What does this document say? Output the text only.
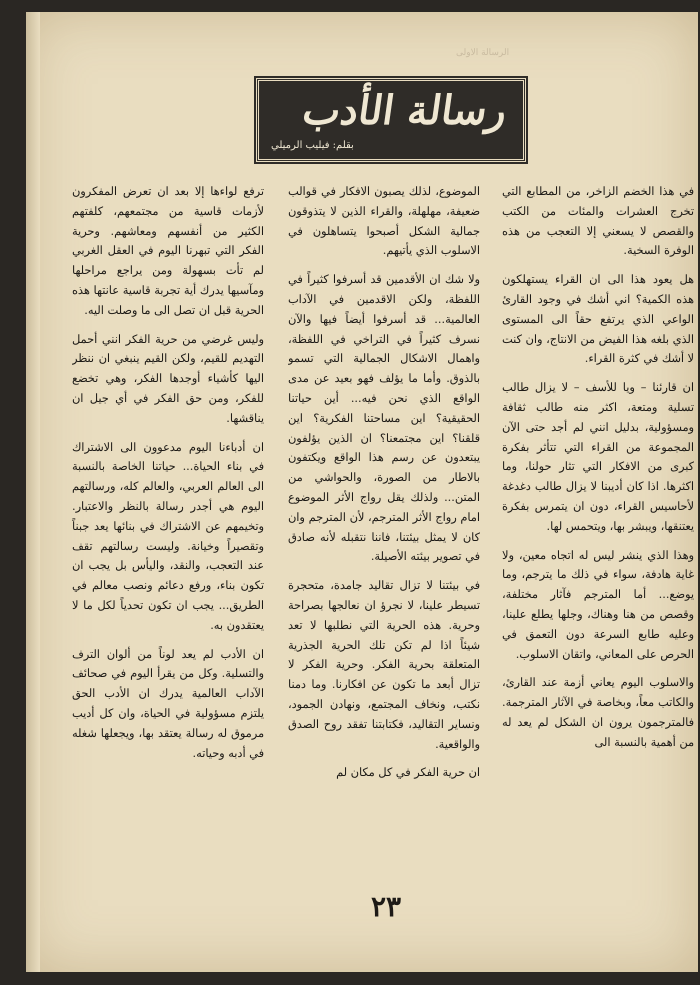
الرسالة الاولى
رسالة الأدب
بقلم: فيليب الرميلي

في هذا الخضم الزاخر، من المطابع التي تخرج العشرات والمئات من الكتب والقصص لا يسعني إلا التعجب من هذه الوفرة السخية.

هل يعود هذا الى ان القراء يستهلكون هذه الكمية؟ اني أشك في وجود القارئ الواعي الذي يرتفع حقاً الى المستوى الذي بلغه هذا الفيض من الانتاج، وان كنت لا أشك في كثرة القراء.

ان قارئنا – ويا للأسف – لا يزال طالب تسلية ومتعة، اكثر منه طالب ثقافة ومسؤولية، بدليل انني لم أجد حتى الآن المجموعة من القراء التي تتأثر بفكرة كبرى من الافكار التي تثار حولنا، وما اكثرها. اذا كان أديبنا لا يزال طالب دغدغة لأحاسيس القراء، دون ان يتمرس بفكرة يعتنقها، ويبشر بها، ويتحمس لها.

وهذا الذي ينشر ليس له اتجاه معين، ولا غاية هادفة، سواء في ذلك ما يترجم، وما يوضع... أما المترجم فآثار مختلفة، وقصص من هنا وهناك، وجلها يطلع علينا، وعليه طابع السرعة دون التعمق في الحرص على المعاني، واتقان الاسلوب.

والاسلوب اليوم يعاني أزمة عند القارئ، والكاتب معاً، وبخاصة في الآثار المترجمة. فالمترجمون يرون ان الشكل لم يعد له من أهمية بالنسبة الى

الموضوع، لذلك يصبون الافكار في قوالب ضعيفة، مهلهلة، والقراء الذين لا يتذوقون جمالية الشكل أصبحوا يتساهلون في الاسلوب الذي يأتيهم.

ولا شك ان الأقدمين قد أسرفوا كثيراً في اللفظة، ولكن الاقدمين في الآداب العالمية... قد أسرفوا أيضاً فيها والآن نسرف كثيراً في التراخي في اللفظة، واهمال الاشكال الجمالية التي تسمو بالذوق. وأما ما يؤلف فهو بعيد عن مدى الواقع الذي نحن فيه... أين حياتنا الحقيقية؟ اين مساحتنا الفكرية؟ اين قلقنا؟ اين مجتمعنا؟ ان الذين يؤلفون يبتعدون عن رسم هذا الواقع ويكتفون بالاطار من الصورة، والحواشي من المتن... ولذلك يقل رواج الأثر الموضوع امام رواج الأثر المترجم، لأن المترجم وان كان لا يمثل بيئتنا، فاننا نتقبله لأنه صادق في تصوير بيئته الأصيلة.

في بيئتنا لا تزال تقاليد جامدة، متحجرة تسيطر علينا، لا نجرؤ ان نعالجها بصراحة وحرية. هذه الحرية التي نطلبها لا تعد شيئاً اذا لم تكن تلك الحرية الجذرية المتعلقة بحرية الفكر. وحرية الفكر لا تزال أبعد ما تكون عن افكارنا. وما دمنا نكتب، ونخاف المجتمع، ونهادن الجمود، ونساير التقاليد، فكتابتنا تفقد روح الصدق والواقعية.

ان حرية الفكر في كل مكان لم

ترفع لواءها إلا بعد ان تعرض المفكرون لأزمات قاسية من مجتمعهم، كلفتهم الكثير من أنفسهم ومعاشهم. وحرية الفكر التي تبهرنا اليوم في العقل الغربي لم تأت بسهولة ومن يراجع مراحلها ومآسيها يدرك أية تجربة قاسية عانتها هذه الحرية قبل ان تصل الى ما وصلت اليه.

وليس غرضي من حرية الفكر انني أحمل التهديم للقيم، ولكن القيم ينبغي ان ننظر اليها كأشياء أوجدها الفكر، وهي تخضع للفكر، ومن حق الفكر في أي جيل ان يناقشها.

ان أدباءنا اليوم مدعوون الى الاشتراك في بناء الحياة... حياتنا الخاصة بالنسبة الى العالم العربي، والعالم كله، ورسالتهم اليوم هي أجدر رسالة بالنظر والاعتبار. وتخيمهم عن الاشتراك في بنائها يعد جبناً وتقصيراً وخيانة. وليست رسالتهم تقف عند التعجب، والنقد، واليأس بل يجب ان تكون بناء، ورفع دعائم ونصب معالم في الطريق... يجب ان تكون تحدياً لكل ما لا يعتقدون به.

ان الأدب لم يعد لوناً من ألوان الترف والتسلية. وكل من يقرأ اليوم في صحائف الآداب العالمية يدرك ان الأدب الحق يلتزم مسؤولية في الحياة، وان كل أديب مرموق له رسالة يعتقد بها، ويجعلها شغله في أدبه وحياته.

٢٣
